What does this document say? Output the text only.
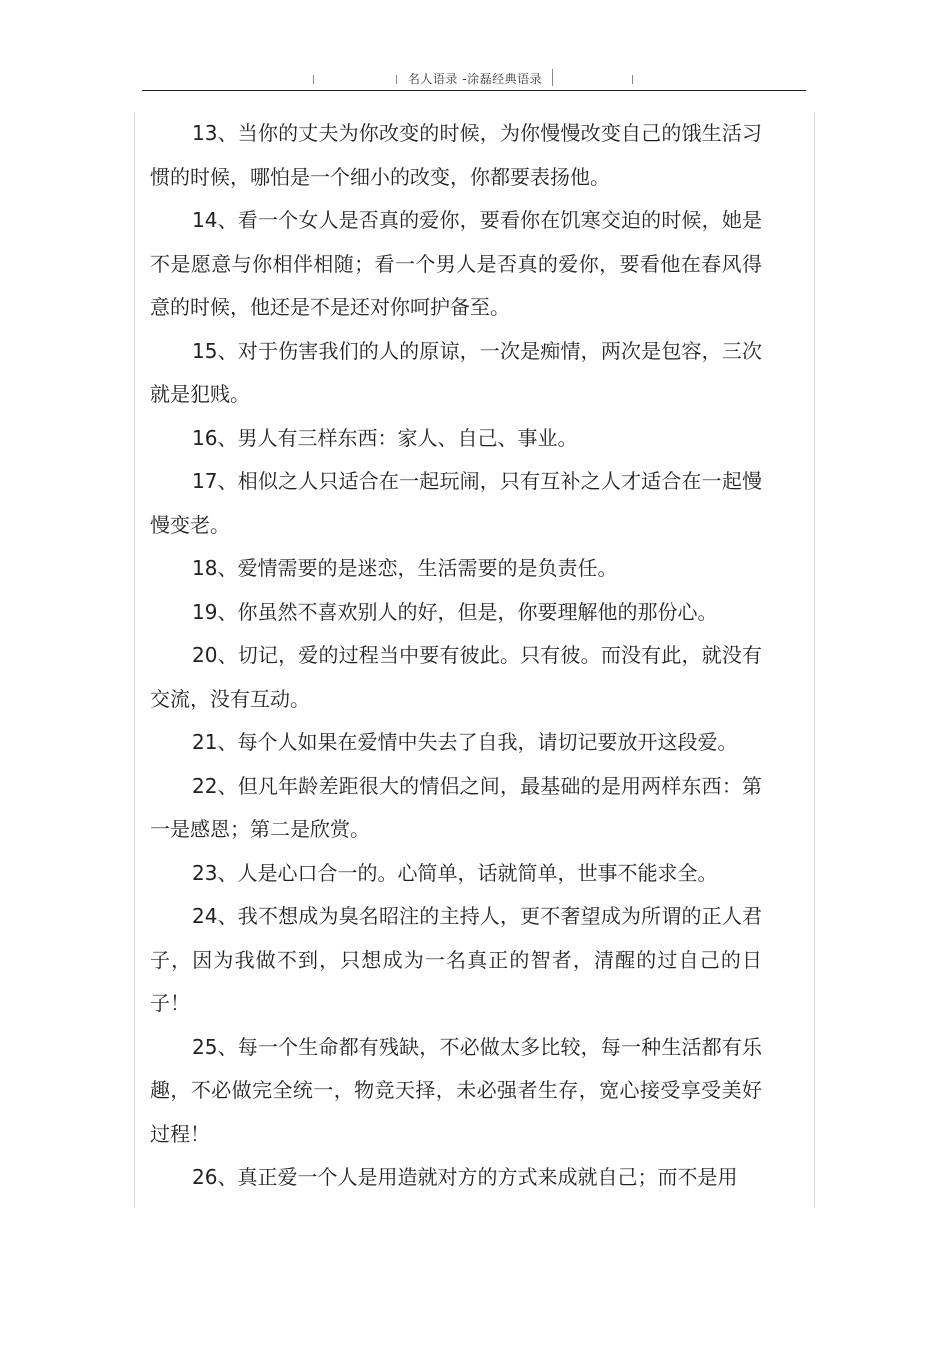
名人语录 -涂磊经典语录

13、当你的丈夫为你改变的时候，为你慢慢改变自己的饿生活习惯的时候，哪怕是一个细小的改变，你都要表扬他。

14、看一个女人是否真的爱你，要看你在饥寒交迫的时候，她是不是愿意与你相伴相随；看一个男人是否真的爱你，要看他在春风得意的时候，他还是不是还对你呵护备至。

15、对于伤害我们的人的原谅，一次是痴情，两次是包容，三次就是犯贱。

16、男人有三样东西：家人、自己、事业。

17、相似之人只适合在一起玩闹，只有互补之人才适合在一起慢慢变老。

18、爱情需要的是迷恋，生活需要的是负责任。

19、你虽然不喜欢别人的好，但是，你要理解他的那份心。

20、切记，爱的过程当中要有彼此。只有彼。而没有此，就没有交流，没有互动。

21、每个人如果在爱情中失去了自我，请切记要放开这段爱。

22、但凡年龄差距很大的情侣之间，最基础的是用两样东西：第一是感恩；第二是欣赏。

23、人是心口合一的。心简单，话就简单，世事不能求全。

24、我不想成为臭名昭注的主持人，更不奢望成为所谓的正人君子，因为我做不到，只想成为一名真正的智者，清醒的过自己的日子！

25、每一个生命都有残缺，不必做太多比较，每一种生活都有乐趣，不必做完全统一，物竞天择，未必强者生存，宽心接受享受美好过程！

26、真正爱一个人是用造就对方的方式来成就自己；而不是用
